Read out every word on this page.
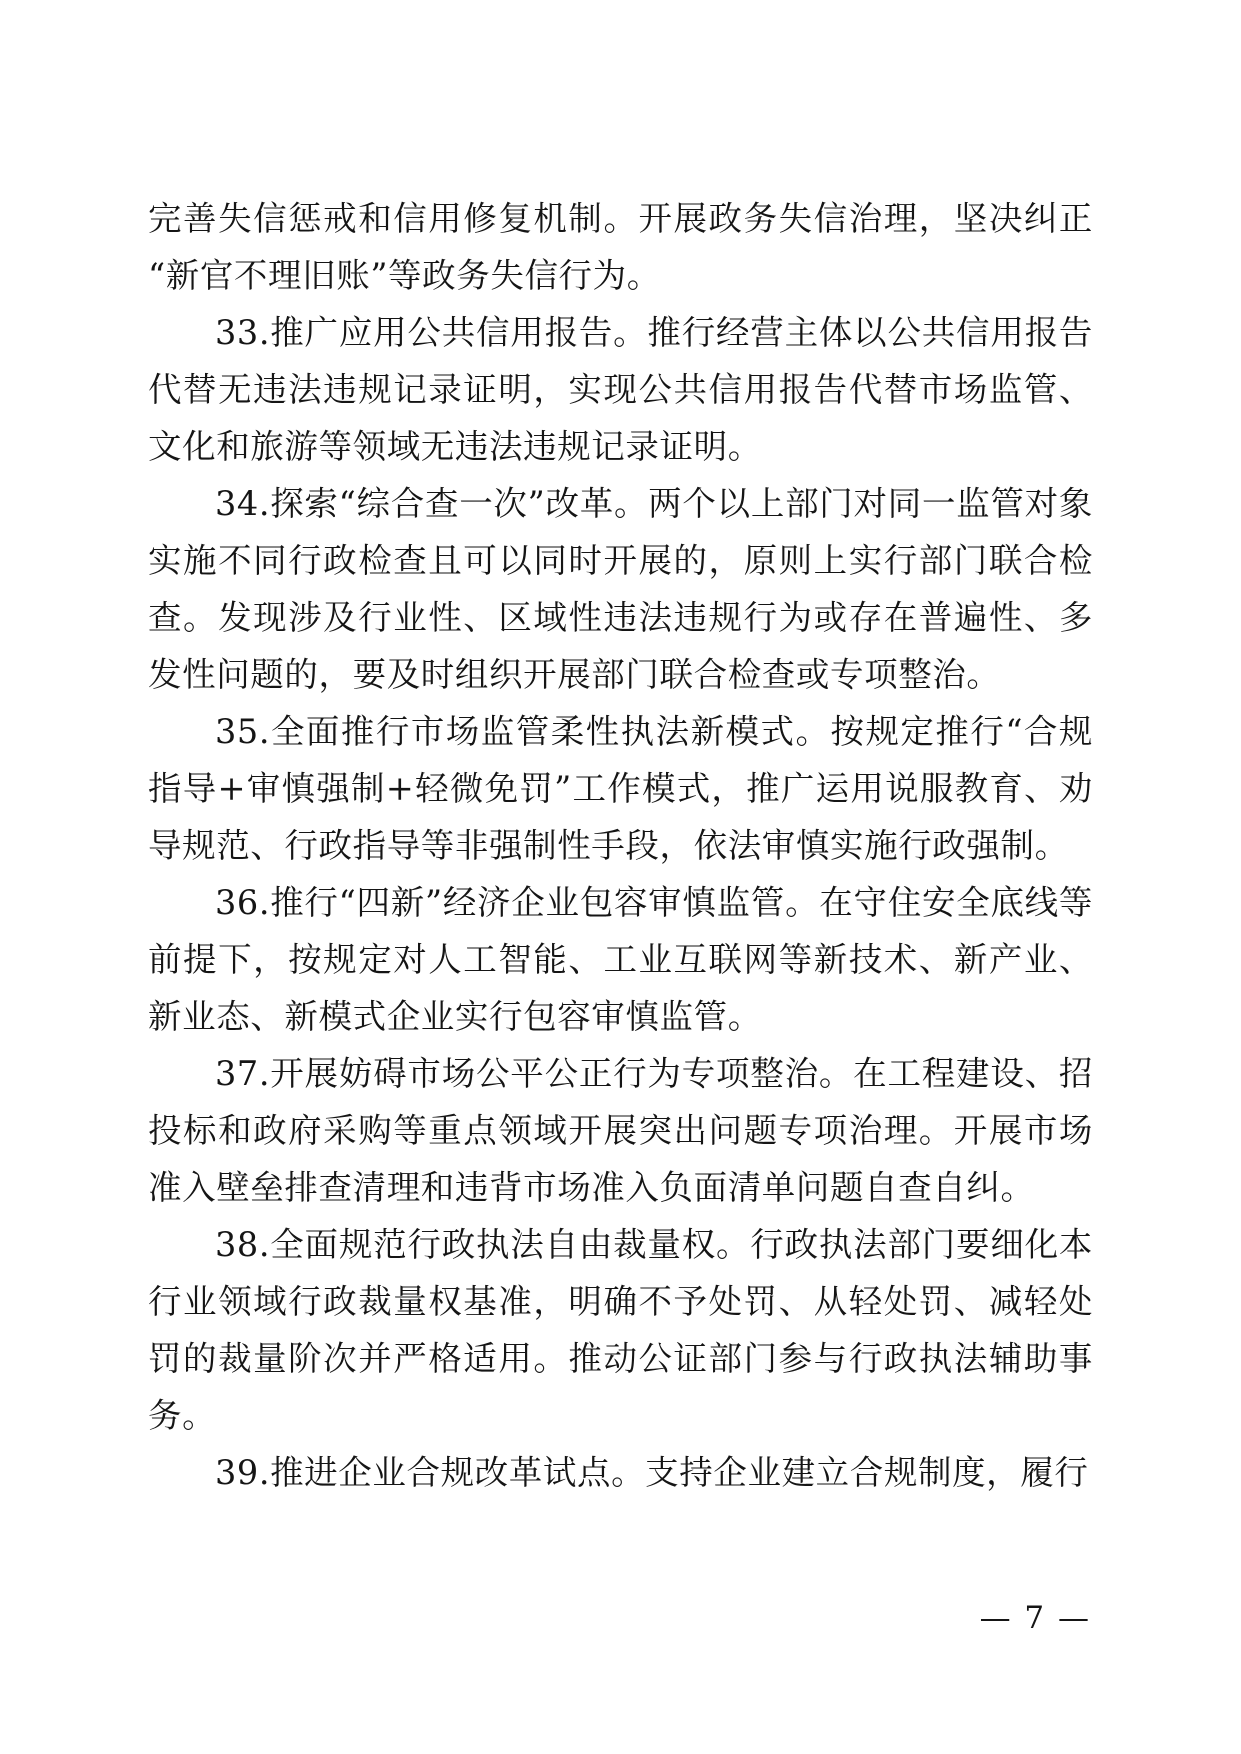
完善失信惩戒和信用修复机制。开展政务失信治理，坚决纠正“新官不理旧账”等政务失信行为。

33.推广应用公共信用报告。推行经营主体以公共信用报告代替无违法违规记录证明，实现公共信用报告代替市场监管、文化和旅游等领域无违法违规记录证明。

34.探索“综合查一次”改革。两个以上部门对同一监管对象实施不同行政检查且可以同时开展的，原则上实行部门联合检查。发现涉及行业性、区域性违法违规行为或存在普遍性、多发性问题的，要及时组织开展部门联合检查或专项整治。

35.全面推行市场监管柔性执法新模式。按规定推行“合规指导+审慎强制+轻微免罚”工作模式，推广运用说服教育、劝导规范、行政指导等非强制性手段，依法审慎实施行政强制。

36.推行“四新”经济企业包容审慎监管。在守住安全底线等前提下，按规定对人工智能、工业互联网等新技术、新产业、新业态、新模式企业实行包容审慎监管。

37.开展妨碍市场公平公正行为专项整治。在工程建设、招投标和政府采购等重点领域开展突出问题专项治理。开展市场准入壁垒排查清理和违背市场准入负面清单问题自查自纠。

38.全面规范行政执法自由裁量权。行政执法部门要细化本行业领域行政裁量权基准，明确不予处罚、从轻处罚、减轻处罚的裁量阶次并严格适用。推动公证部门参与行政执法辅助事务。

39.推进企业合规改革试点。支持企业建立合规制度，履行

— 7 —
